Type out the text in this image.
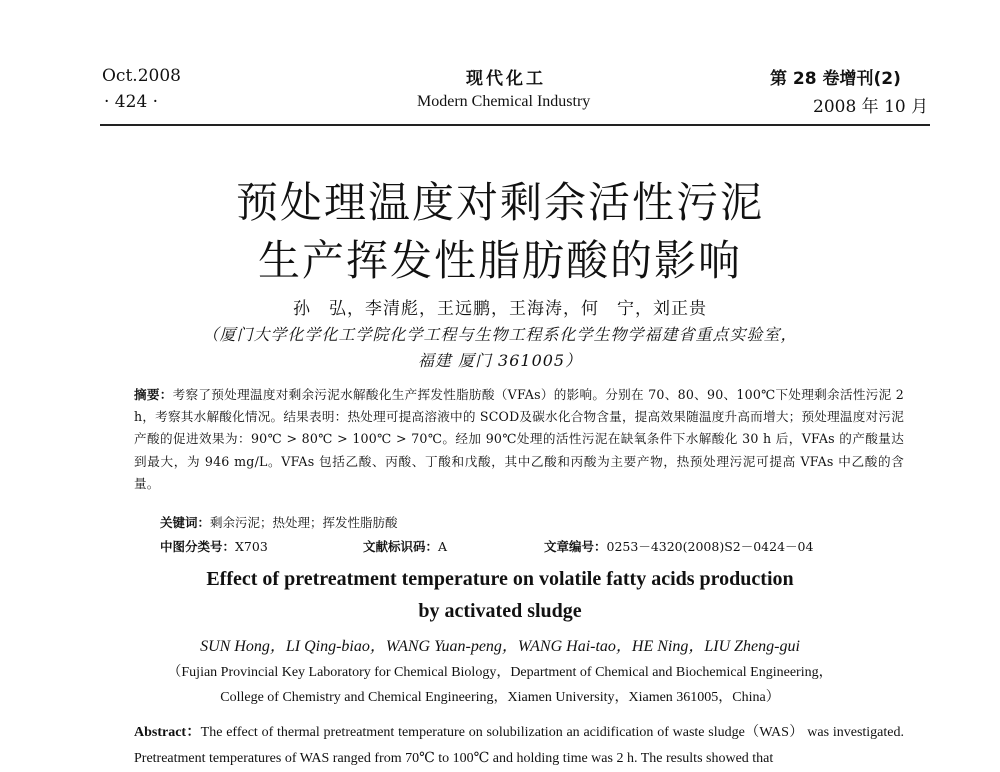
Oct.2008
· 424 ·
现代化工
Modern Chemical Industry
第 28 卷增刊(2)
2008 年 10 月
预处理温度对剩余活性污泥
生产挥发性脂肪酸的影响
孙　弘，李清彪，王远鹏，王海涛，何　宁，刘正贵
（厦门大学化学化工学院化学工程与生物工程系化学生物学福建省重点实验室，
福建 厦门 361005）
摘要：考察了预处理温度对剩余污泥水解酸化生产挥发性脂肪酸（VFAs）的影响。分别在 70、80、90、100℃下处理剩余活性污泥 2 h，考察其水解酸化情况。结果表明：热处理可提高溶液中的 SCOD及碳水化合物含量，提高效果随温度升高而增大；预处理温度对污泥产酸的促进效果为：90℃ > 80℃ > 100℃ > 70℃。经加 90℃处理的活性污泥在缺氧条件下水解酸化 30 h 后，VFAs 的产酸量达到最大，为 946 mg/L。VFAs 包括乙酸、丙酸、丁酸和戊酸，其中乙酸和丙酸为主要产物，热预处理污泥可提高 VFAs 中乙酸的含量。
关键词：剩余污泥；热处理；挥发性脂肪酸
中图分类号：X703	文献标识码：A	文章编号：0253－4320(2008)S2－0424－04
Effect of pretreatment temperature on volatile fatty acids production
by activated sludge
SUN Hong，LI Qing-biao，WANG Yuan-peng，WANG Hai-tao，HE Ning，LIU Zheng-gui
（Fujian Provincial Key Laboratory for Chemical Biology，Department of Chemical and Biochemical Engineering，
College of Chemistry and Chemical Engineering，Xiamen University，Xiamen 361005，China）
Abstract：The effect of thermal pretreatment temperature on solubilization an acidification of waste sludge（WAS） was investigated. Pretreatment temperatures of WAS ranged from 70℃ to 100℃ and holding time was 2 h. The results showed that
